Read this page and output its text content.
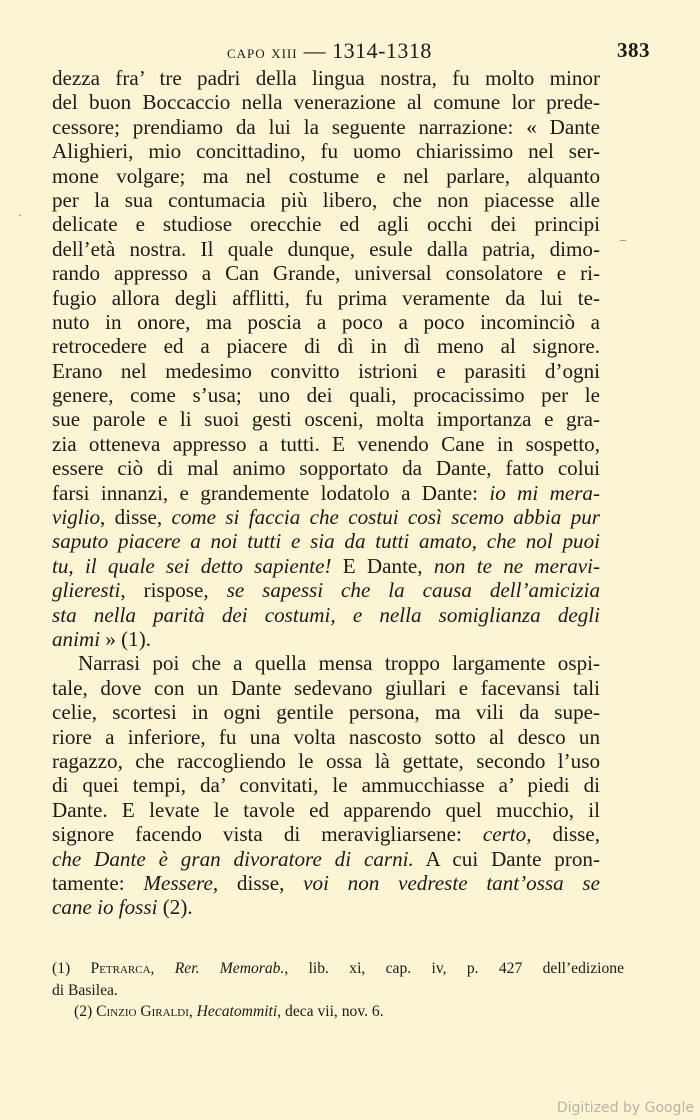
capo xiii — 1314-1318	383
dezza fra’ tre padri della lingua nostra, fu molto minor
del buon Boccaccio nella venerazione al comune lor prede-
cessore; prendiamo da lui la seguente narrazione: « Dante
Alighieri, mio concittadino, fu uomo chiarissimo nel ser-
mone volgare; ma nel costume e nel parlare, alquanto
per la sua contumacia più libero, che non piacesse alle
delicate e studiose orecchie ed agli occhi dei principi
dell’età nostra. Il quale dunque, esule dalla patria, dimo-
rando appresso a Can Grande, universal consolatore e ri-
fugio allora degli afflitti, fu prima veramente da lui te-
nuto in onore, ma poscia a poco a poco incominciò a
retrocedere ed a piacere di dì in dì meno al signore.
Erano nel medesimo convitto istrioni e parasiti d’ogni
genere, come s’usa; uno dei quali, procacissimo per le
sue parole e li suoi gesti osceni, molta importanza e gra-
zia otteneva appresso a tutti. E venendo Cane in sospetto,
essere ciò di mal animo sopportato da Dante, fatto colui
farsi innanzi, e grandemente lodatolo a Dante: io mi mera-
viglio, disse, come si faccia che costui così scemo abbia pur
saputo piacere a noi tutti e sia da tutti amato, che nol puoi
tu, il quale sei detto sapiente! E Dante, non te ne meravi-
glieresti, rispose, se sapessi che la causa dell’amicizia
sta nella parità dei costumi, e nella somiglianza degli
animi » (1).
Narrasi poi che a quella mensa troppo largamente ospi-
tale, dove con un Dante sedevano giullari e facevansi tali
celie, scortesi in ogni gentile persona, ma vili da supe-
riore a inferiore, fu una volta nascosto sotto al desco un
ragazzo, che raccogliendo le ossa là gettate, secondo l’uso
di quei tempi, da’ convitati, le ammucchiasse a’ piedi di
Dante. E levate le tavole ed apparendo quel mucchio, il
signore facendo vista di meravigliarsene: certo, disse,
che Dante è gran divoratore di carni. A cui Dante pron-
tamente: Messere, disse, voi non vedreste tant’ossa se
cane io fossi (2).
(1) Petrarca, Rer. Memorab., lib. xi, cap. iv, p. 427 dell’edizione
di Basilea.
(2) Cinzio Giraldi, Hecatommiti, deca vii, nov. 6.
·
_
Digitized by Google
